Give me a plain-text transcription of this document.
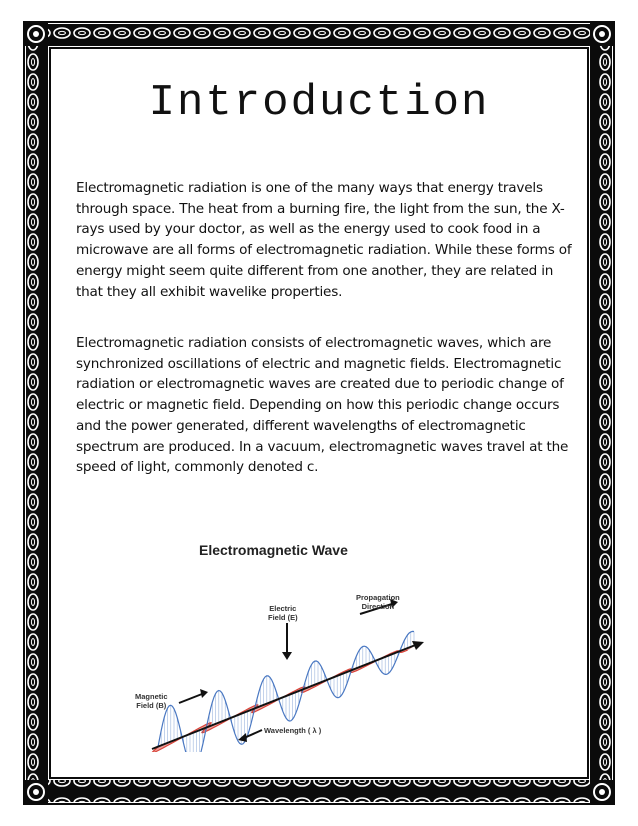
Introduction

Electromagnetic radiation is one of the many ways that energy travels through space. The heat from a burning fire, the light from the sun, the X-rays used by your doctor, as well as the energy used to cook food in a microwave are all forms of electromagnetic radiation. While these forms of energy might seem quite different from one another, they are related in that they all exhibit wavelike properties.

Electromagnetic radiation consists of electromagnetic waves, which are synchronized oscillations of electric and magnetic fields. Electromagnetic radiation or electromagnetic waves are created due to periodic change of electric or magnetic field. Depending on how this periodic change occurs and the power generated, different wavelengths of electromagnetic spectrum are produced. In a vacuum, electromagnetic waves travel at the speed of light, commonly denoted c.

Electromagnetic Wave

Electric
Field (E)
Propagation
Direction
Magnetic
Field (B)
Wavelength ( λ )
